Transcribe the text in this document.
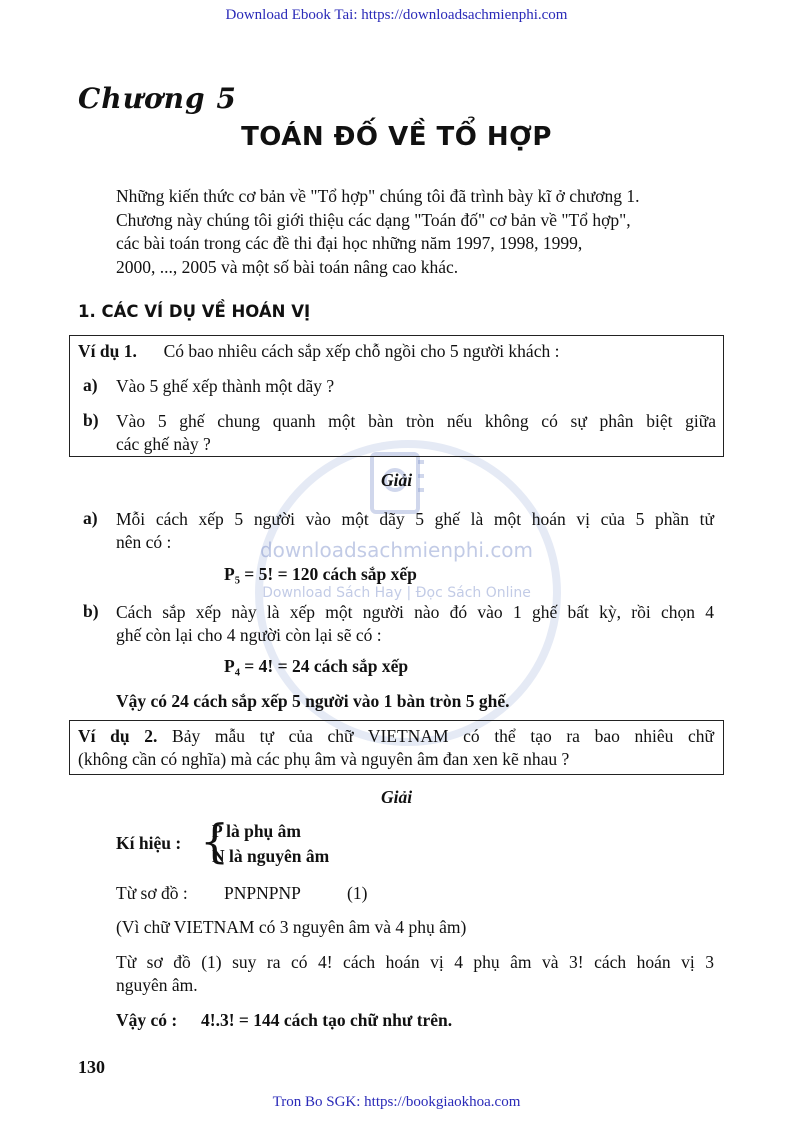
Download Ebook Tai: https://downloadsachmienphi.com
downloadsachmienphi.com
Download Sách Hay | Đọc Sách Online
Chương 5
TOÁN ĐỐ VỀ TỔ HỢP

Những kiến thức cơ bản về "Tổ hợp" chúng tôi đã trình bày kĩ ở chương 1.

Chương này chúng tôi giới thiệu các dạng "Toán đố" cơ bản về "Tổ hợp",

các bài toán trong các đề thi đại học những năm 1997, 1998, 1999,

2000, ..., 2005 và một số bài toán nâng cao khác.

1. CÁC VÍ DỤ VỀ HOÁN VỊ
Ví dụ 1. Có bao nhiêu cách sắp xếp chỗ ngồi cho 5 người khách :
a) Vào 5 ghế xếp thành một dãy ?
b) Vào 5 ghế chung quanh một bàn tròn nếu không có sự phân biệt giữa
các ghế này ?
Giải
a) Mỗi cách xếp 5 người vào một dãy 5 ghế là một hoán vị của 5 phần tử
nên có :
P₅ = 5! = 120 cách sắp xếp
b) Cách sắp xếp này là xếp một người nào đó vào 1 ghế bất kỳ, rồi chọn 4
ghế còn lại cho 4 người còn lại sẽ có :
P₄ = 4! = 24 cách sắp xếp
Vậy có 24 cách sắp xếp 5 người vào 1 bàn tròn 5 ghế.
Ví dụ 2. Bảy mẫu tự của chữ VIETNAM có thể tạo ra bao nhiêu chữ
(không cần có nghĩa) mà các phụ âm và nguyên âm đan xen kẽ nhau ?
Giải
Kí hiệu : {
P là phụ âm
N là nguyên âm
Từ sơ đồ : PNPNPNP	(1)
(Vì chữ VIETNAM có 3 nguyên âm và 4 phụ âm)
Từ sơ đồ (1) suy ra có 4! cách hoán vị 4 phụ âm và 3! cách hoán vị 3
nguyên âm.
Vậy có : 4!.3! = 144 cách tạo chữ như trên.
130
Tron Bo SGK: https://bookgiaokhoa.com
